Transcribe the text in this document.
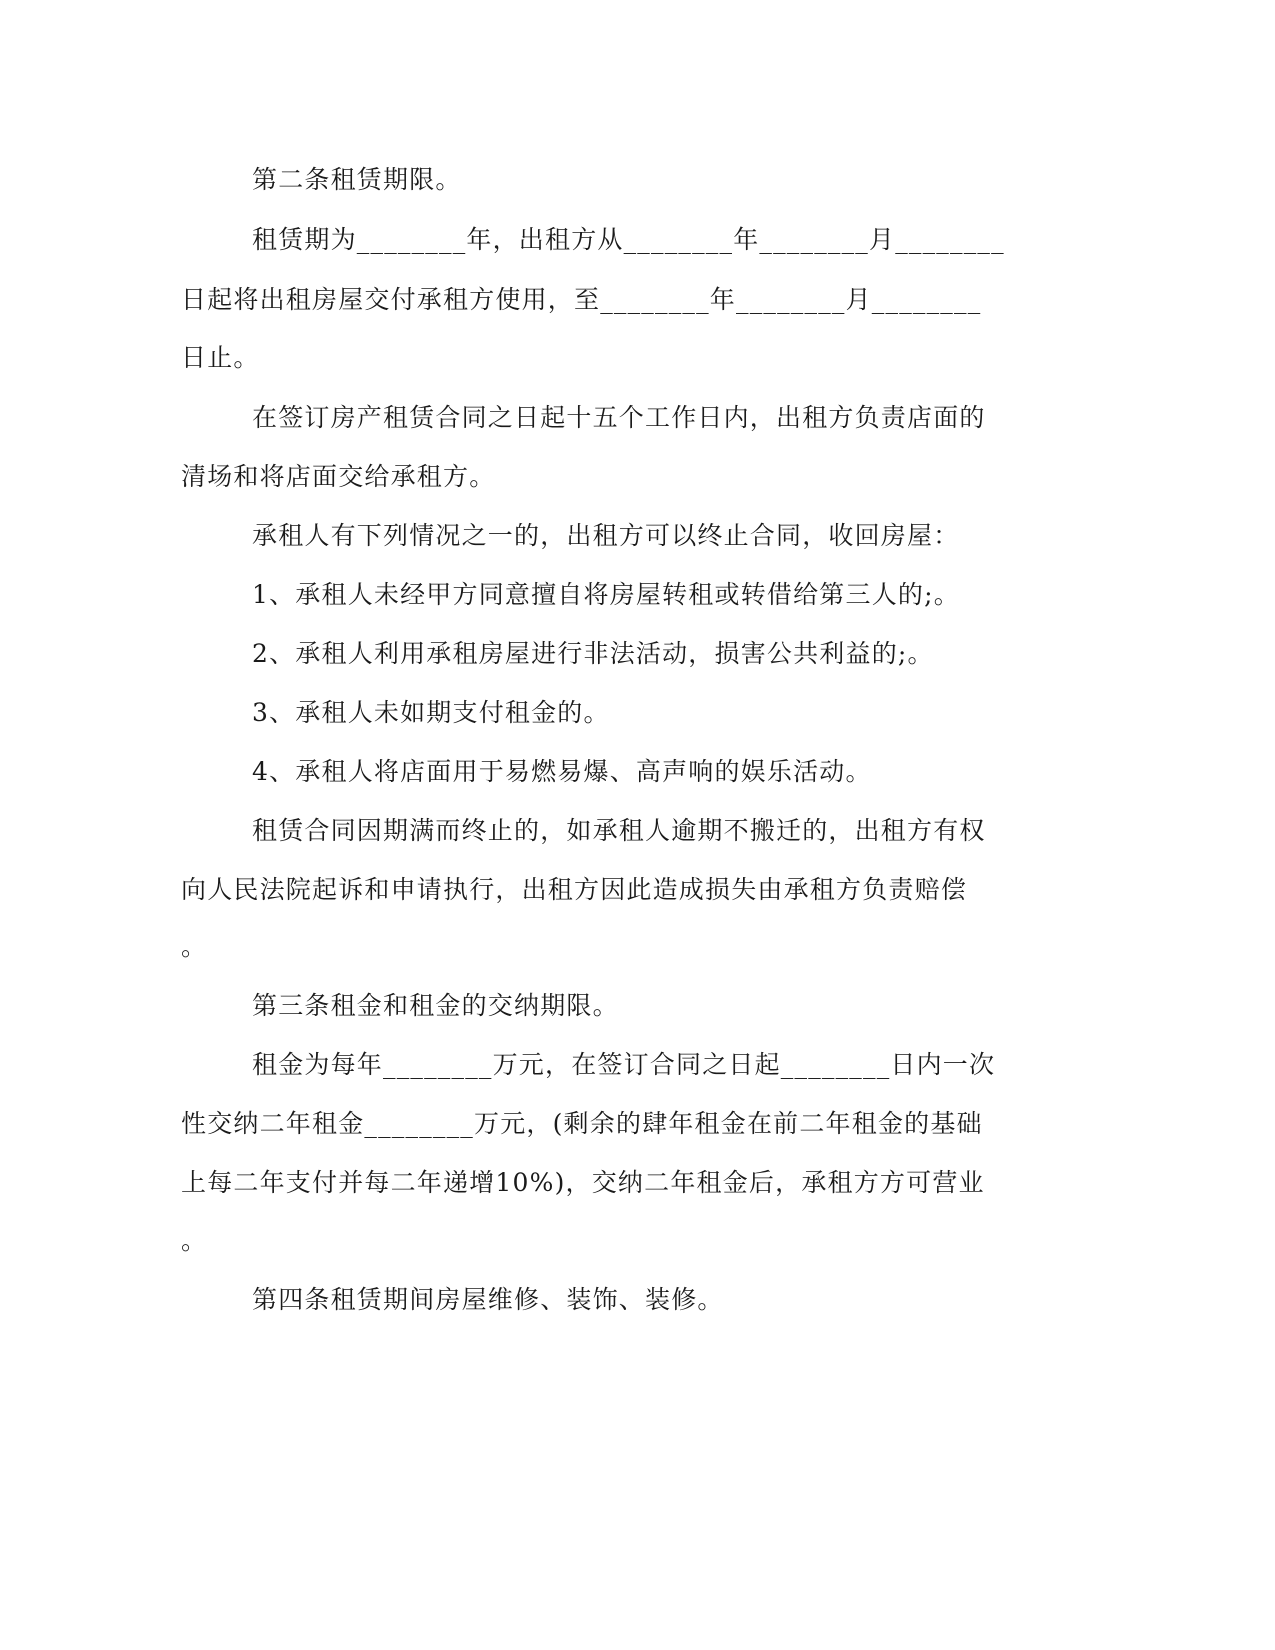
第二条租赁期限。
租赁期为________年，出租方从________年________月________
日起将出租房屋交付承租方使用，至________年________月________
日止。
在签订房产租赁合同之日起十五个工作日内，出租方负责店面的
清场和将店面交给承租方。
承租人有下列情况之一的，出租方可以终止合同，收回房屋：
1、承租人未经甲方同意擅自将房屋转租或转借给第三人的;。
2、承租人利用承租房屋进行非法活动，损害公共利益的;。
3、承租人未如期支付租金的。
4、承租人将店面用于易燃易爆、高声响的娱乐活动。
租赁合同因期满而终止的，如承租人逾期不搬迁的，出租方有权
向人民法院起诉和申请执行，出租方因此造成损失由承租方负责赔偿
。
第三条租金和租金的交纳期限。
租金为每年________万元，在签订合同之日起________日内一次
性交纳二年租金________万元，(剩余的肆年租金在前二年租金的基础
上每二年支付并每二年递增10%)，交纳二年租金后，承租方方可营业
。
第四条租赁期间房屋维修、装饰、装修。
